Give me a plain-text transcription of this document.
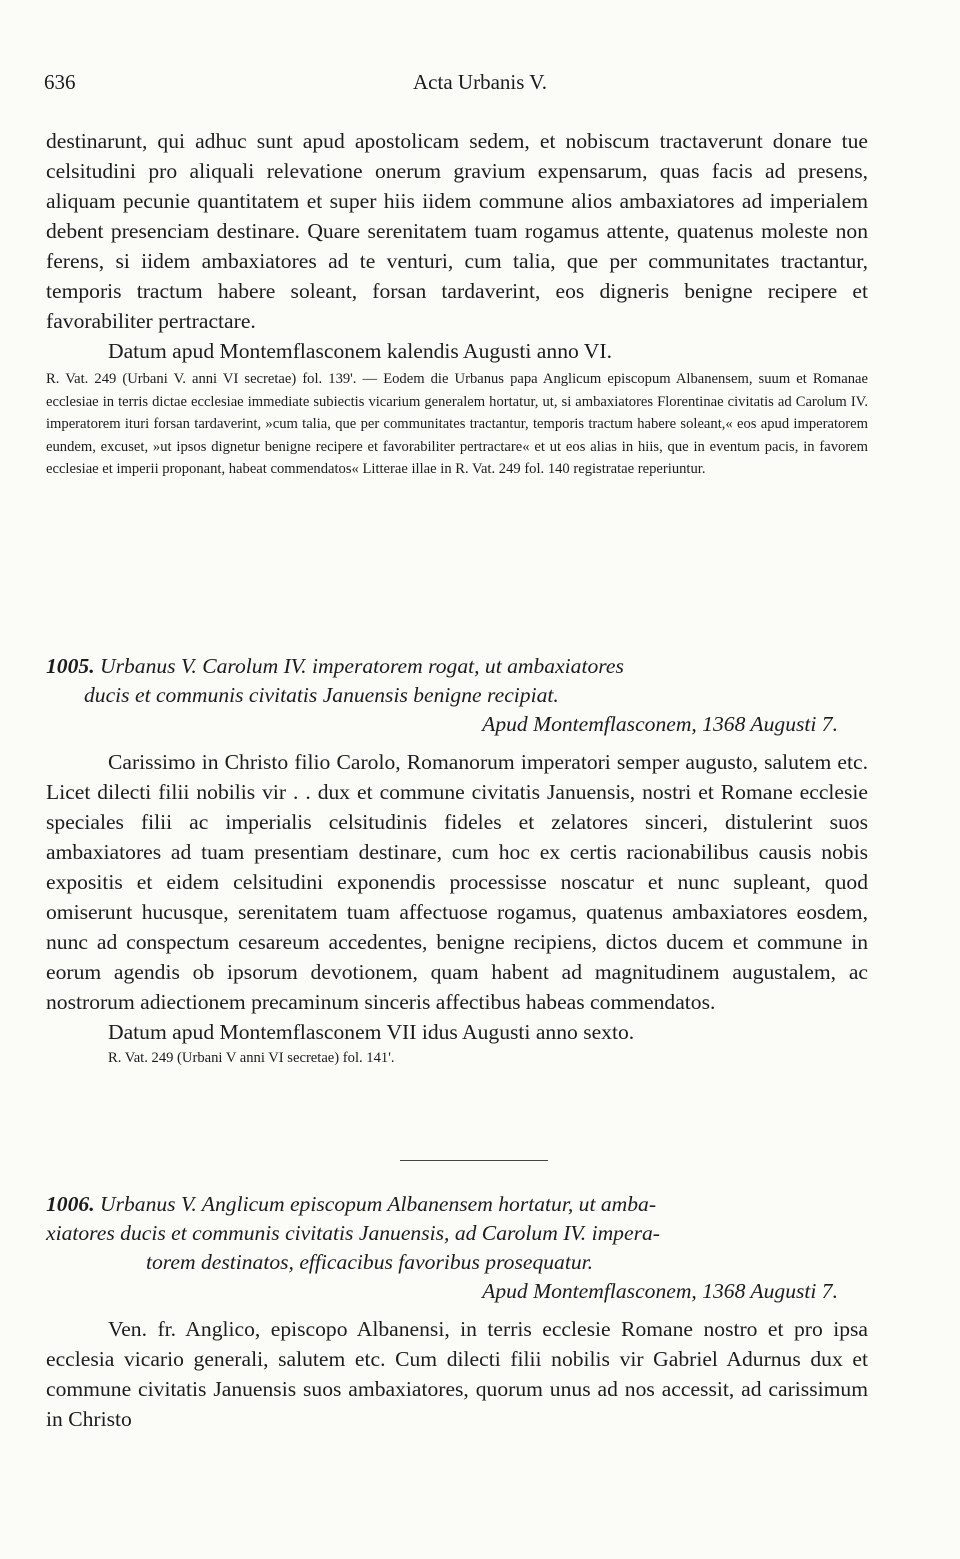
636	Acta Urbanis V.

destinarunt, qui adhuc sunt apud apostolicam sedem, et nobiscum tractaverunt donare tue celsitudini pro aliquali relevatione onerum gravium expensarum, quas facis ad presens, aliquam pecunie quantitatem et super hiis iidem commune alios ambaxiatores ad imperialem debent presenciam destinare. Quare serenitatem tuam rogamus attente, quatenus moleste non ferens, si iidem ambaxiatores ad te venturi, cum talia, que per communitates tractantur, temporis tractum habere soleant, forsan tardaverint, eos digneris benigne recipere et favorabiliter pertractare.

Datum apud Montemflasconem kalendis Augusti anno VI.

R. Vat. 249 (Urbani V. anni VI secretae) fol. 139'. — Eodem die Urbanus papa Anglicum episcopum Albanensem, suum et Romanae ecclesiae in terris dictae ecclesiae immediate subiectis vicarium generalem hortatur, ut, si ambaxiatores Florentinae civitatis ad Carolum IV. imperatorem ituri forsan tardaverint, »cum talia, que per communitates tractantur, temporis tractum habere soleant,« eos apud imperatorem eundem, excuset, »ut ipsos dignetur benigne recipere et favorabiliter pertractare« et ut eos alias in hiis, que in eventum pacis, in favorem ecclesiae et imperii proponant, habeat commendatos« Litterae illae in R. Vat. 249 fol. 140 registratae reperiuntur.

1005. Urbanus V. Carolum IV. imperatorem rogat, ut ambaxiatores
ducis et communis civitatis Januensis benigne recipiat.

Apud Montemflasconem, 1368 Augusti 7.

Carissimo in Christo filio Carolo, Romanorum imperatori semper augusto, salutem etc. Licet dilecti filii nobilis vir . . dux et commune civitatis Januensis, nostri et Romane ecclesie speciales filii ac imperialis celsitudinis fideles et zelatores sinceri, distulerint suos ambaxiatores ad tuam presentiam destinare, cum hoc ex certis racionabilibus causis nobis expositis et eidem celsitudini exponendis processisse noscatur et nunc supleant, quod omiserunt hucusque, serenitatem tuam affectuose rogamus, quatenus ambaxiatores eosdem, nunc ad conspectum cesareum accedentes, benigne recipiens, dictos ducem et commune in eorum agendis ob ipsorum devotionem, quam habent ad magnitudinem augustalem, ac nostrorum adiectionem precaminum sinceris affectibus habeas commendatos.

Datum apud Montemflasconem VII idus Augusti anno sexto.

R. Vat. 249 (Urbani V anni VI secretae) fol. 141'.

1006. Urbanus V. Anglicum episcopum Albanensem hortatur, ut amba-
xiatores ducis et communis civitatis Januensis, ad Carolum IV. impera-
torem destinatos, efficacibus favoribus prosequatur.

Apud Montemflasconem, 1368 Augusti 7.

Ven. fr. Anglico, episcopo Albanensi, in terris ecclesie Romane nostro et pro ipsa ecclesia vicario generali, salutem etc. Cum dilecti filii nobilis vir Gabriel Adurnus dux et commune civitatis Januensis suos ambaxiatores, quorum unus ad nos accessit, ad carissimum in Christo
